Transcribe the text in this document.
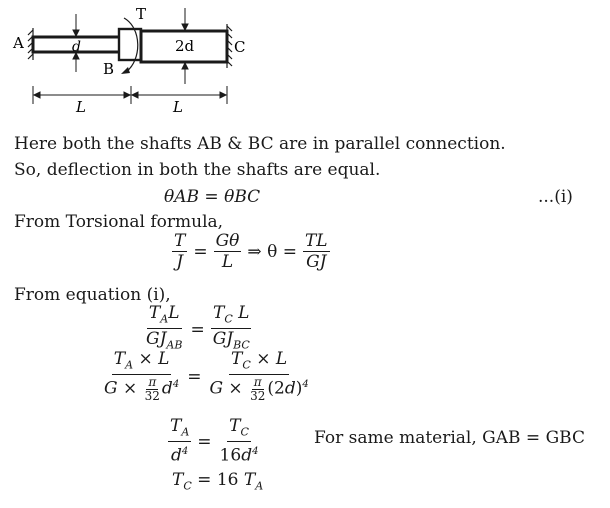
A	d
T
B
2d	C
L	L
Here both the shafts AB & BC are in parallel connection.
So, deflection in both the shafts are equal.
θAB = θBC	...(i)
From Torsional formula,
$\frac{T}{J} = \frac{G\theta}{L}$ ⇒ $\theta = \frac{TL}{GJ}$
From equation (i),
$\frac{T_AL}{GJ_{AB}} = \frac{T_C L}{GJ_{BC}}$
$\frac{T_A \times L}{G \times \frac{\pi}{32} d^4} = \frac{T_C \times L}{G \times \frac{\pi}{32} (2d)^4}$
$\frac{T_A}{d^4} = \frac{T_C}{16d^4}$	For same material, GAB = GBC
$T_C = 16$ $T_A$
